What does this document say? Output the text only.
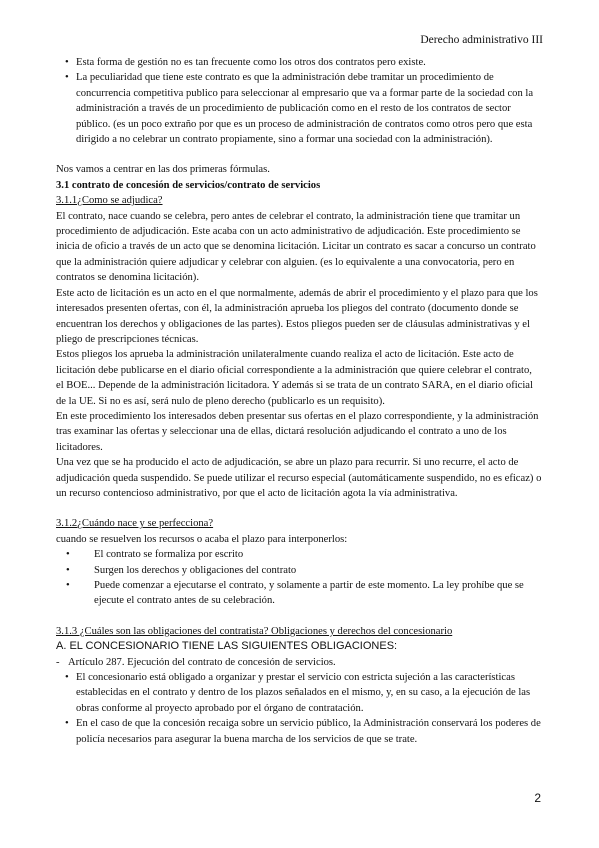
Derecho administrativo III

• Esta forma de gestión no es tan frecuente como los otros dos contratos pero existe.

• La peculiaridad que tiene este contrato es que la administración debe tramitar un procedimiento de concurrencia competitiva publico para seleccionar al empresario que va a formar parte de la sociedad con la administración a través de un procedimiento de publicación como en el resto de los contratos de sector público. (es un poco extraño por que es un proceso de administración de contratos como otros pero que esta dirigido a no celebrar un contrato propiamente, sino a formar una sociedad con la administración).

Nos vamos a centrar en las dos primeras fórmulas.

3.1 contrato de concesión de servicios/contrato de servicios

3.1.1¿Como se adjudica?

El contrato, nace cuando se celebra, pero antes de celebrar el contrato, la administración tiene que tramitar un procedimiento de adjudicación. Este acaba con un acto administrativo de adjudicación. Este procedimiento se inicia de oficio a través de un acto que se denomina licitación. Licitar un contrato es sacar a concurso un contrato que la administración quiere adjudicar y celebrar con alguien. (es lo equivalente a una convocatoria, pero en contratos se denomina licitación).

Este acto de licitación es un acto en el que normalmente, además de abrir el procedimiento y el plazo para que los interesados presenten ofertas, con él, la administración aprueba los pliegos del contrato (documento donde se encuentran los derechos y obligaciones de las partes). Estos pliegos pueden ser de cláusulas administrativas y el pliego de prescripciones técnicas.

Estos pliegos los aprueba la administración unilateralmente cuando realiza el acto de licitación. Este acto de licitación debe publicarse en el diario oficial correspondiente a la administración que quiere celebrar el contrato, el BOE... Depende de la administración licitadora. Y además si se trata de un contrato SARA, en el diario oficial de la UE. Si no es así, será nulo de pleno derecho (publicarlo es un requisito).

En este procedimiento los interesados deben presentar sus ofertas en el plazo correspondiente, y la administración tras examinar las ofertas y seleccionar una de ellas, dictará resolución adjudicando el contrato a uno de los licitadores.

Una vez que se ha producido el acto de adjudicación, se abre un plazo para recurrir. Si uno recurre, el acto de adjudicación queda suspendido. Se puede utilizar el recurso especial (automáticamente suspendido, no es eficaz) o un recurso contencioso administrativo, por que el acto de licitación agota la vía administrativa.

3.1.2¿Cuándo nace y se perfecciona?

cuando se resuelven los recursos o acaba el plazo para interponerlos:

• El contrato se formaliza por escrito

• Surgen los derechos y obligaciones del contrato

• Puede comenzar a ejecutarse el contrato, y solamente a partir de este momento. La ley prohíbe que se ejecute el contrato antes de su celebración.

3.1.3 ¿Cuáles son las obligaciones del contratista? Obligaciones y derechos del concesionario

A. EL CONCESIONARIO TIENE LAS SIGUIENTES OBLIGACIONES:

- Artículo 287. Ejecución del contrato de concesión de servicios.

• El concesionario está obligado a organizar y prestar el servicio con estricta sujeción a las características establecidas en el contrato y dentro de los plazos señalados en el mismo, y, en su caso, a la ejecución de las obras conforme al proyecto aprobado por el órgano de contratación.

• En el caso de que la concesión recaiga sobre un servicio público, la Administración conservará los poderes de policía necesarios para asegurar la buena marcha de los servicios de que se trate.

2
